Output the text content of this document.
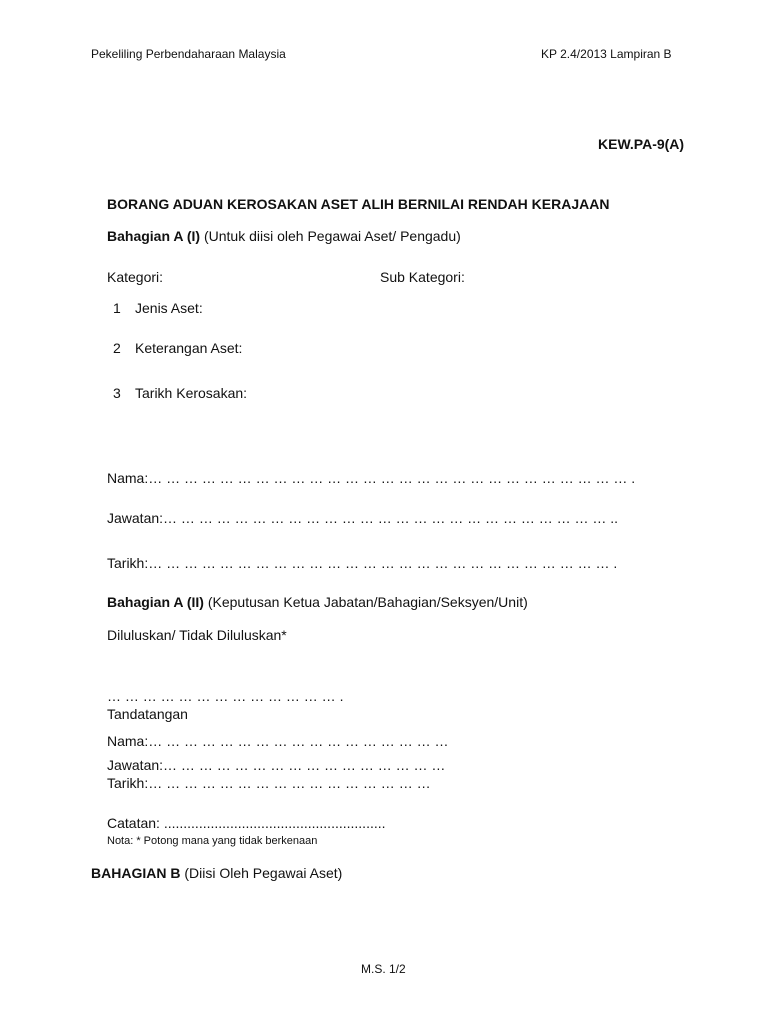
Pekeliling Perbendaharaan Malaysia	KP 2.4/2013 Lampiran B
KEW.PA-9(A)
BORANG ADUAN KEROSAKAN ASET ALIH BERNILAI RENDAH KERAJAAN
Bahagian A (I) (Untuk diisi oleh Pegawai Aset/ Pengadu)
Kategori:	Sub Kategori:
1 Jenis Aset:
2 Keterangan Aset:
3 Tarikh Kerosakan:
Nama:… … … … … … … … … … … … … … … … … … … … … … … … … … … .
Jawatan:… … … … … … … … … … … … … … … … … … … … … … … … … ..
Tarikh:… … … … … … … … … … … … … … … … … … … … … … … … … … .
Bahagian A (II) (Keputusan Ketua Jabatan/Bahagian/Seksyen/Unit)
Diluluskan/ Tidak Diluluskan*
… … … … … … … … … … … … … .
Tandatangan
Nama:… … … … … … … … … … … … … … … … …
Jawatan:… … … … … … … … … … … … … … … …
Tarikh:… … … … … … … … … … … … … … … …
Catatan: .........................................................
Nota: * Potong mana yang tidak berkenaan
BAHAGIAN B (Diisi Oleh Pegawai Aset)
M.S. 1/2
